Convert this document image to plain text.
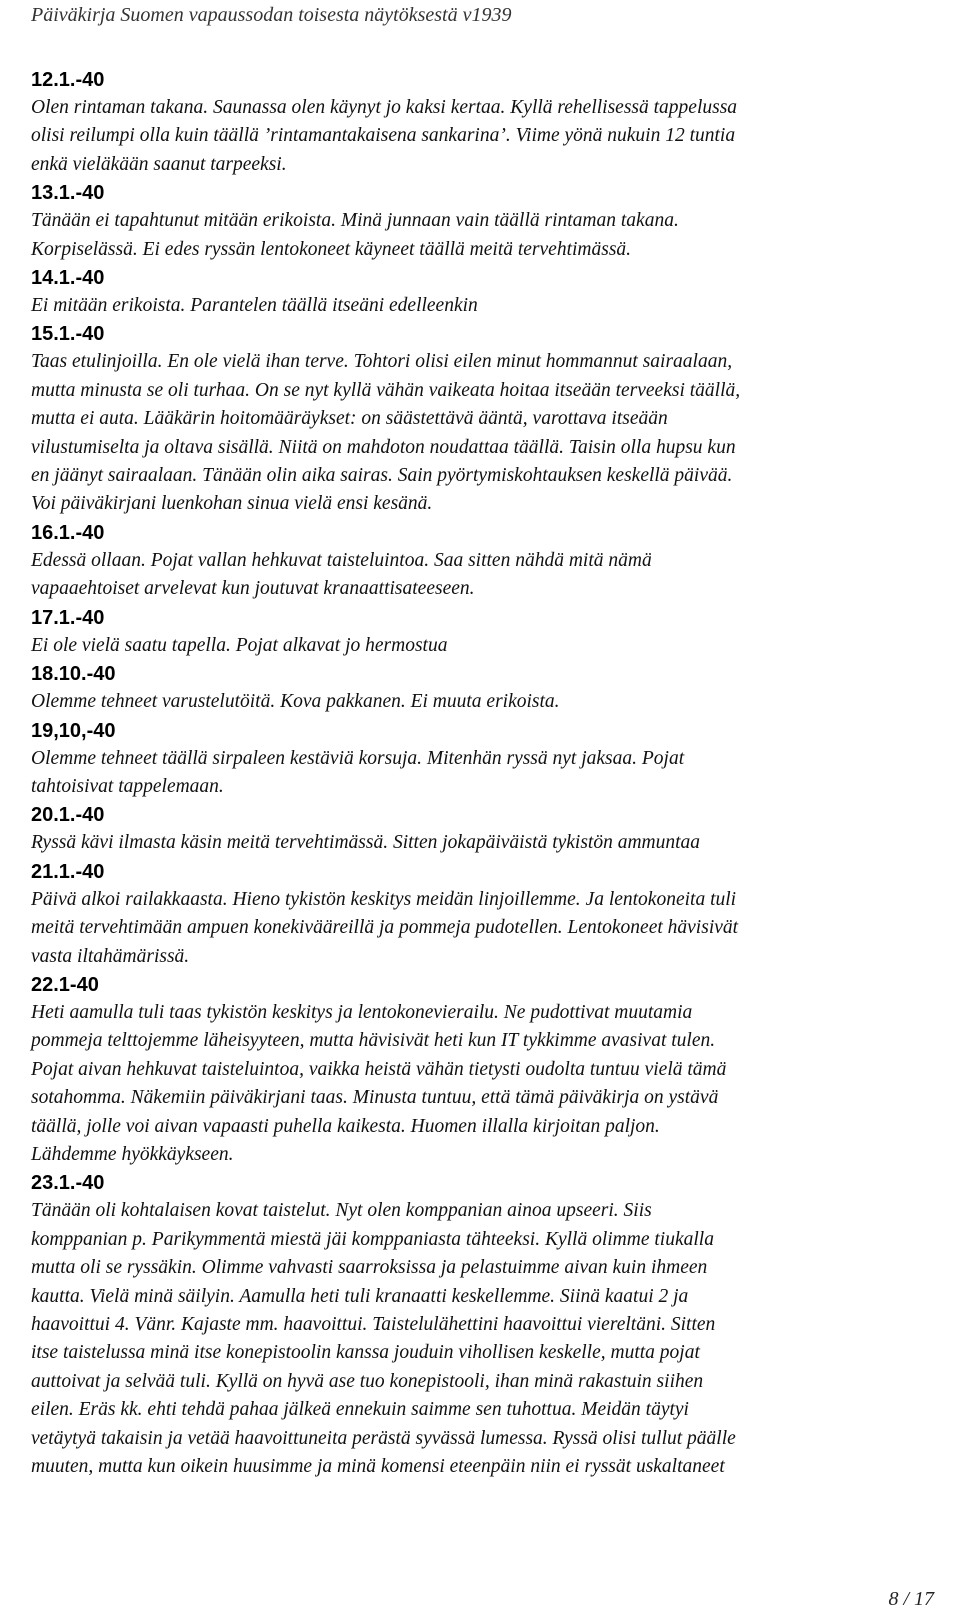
Päiväkirja Suomen vapaussodan toisesta näytöksestä v1939
12.1.-40
Olen rintaman takana. Saunassa olen käynyt jo kaksi kertaa. Kyllä rehellisessä tappelussa
olisi reilumpi olla kuin täällä ’rintamantakaisena sankarina’. Viime yönä nukuin 12 tuntia
enkä vieläkään saanut tarpeeksi.
13.1.-40
Tänään ei tapahtunut mitään erikoista. Minä junnaan vain täällä rintaman takana.
Korpiselässä. Ei edes ryssän lentokoneet käyneet täällä meitä tervehtimässä.
14.1.-40
Ei mitään erikoista. Parantelen täällä itseäni edelleenkin
15.1.-40
Taas etulinjoilla. En ole vielä ihan terve. Tohtori olisi eilen minut hommannut sairaalaan,
mutta minusta se oli turhaa. On se nyt kyllä vähän vaikeata hoitaa itseään terveeksi täällä,
mutta ei auta. Lääkärin hoitomääräykset: on säästettävä ääntä, varottava itseään
vilustumiselta ja oltava sisällä. Niitä on mahdoton noudattaa täällä. Taisin olla hupsu kun
en jäänyt sairaalaan. Tänään olin aika sairas. Sain pyörtymiskohtauksen keskellä päivää.
Voi päiväkirjani luenkohan sinua vielä ensi kesänä.
16.1.-40
Edessä ollaan. Pojat vallan hehkuvat taisteluintoa. Saa sitten nähdä mitä nämä
vapaaehtoiset arvelevat kun joutuvat kranaattisateeseen.
17.1.-40
Ei ole vielä saatu tapella. Pojat alkavat jo hermostua
18.10.-40
Olemme tehneet varustelutöitä. Kova pakkanen. Ei muuta erikoista.
19,10,-40
Olemme tehneet täällä sirpaleen kestäviä korsuja. Mitenhän ryssä nyt jaksaa. Pojat
tahtoisivat tappelemaan.
20.1.-40
Ryssä kävi ilmasta käsin meitä tervehtimässä. Sitten jokapäiväistä tykistön ammuntaa
21.1.-40
Päivä alkoi railakkaasta. Hieno tykistön keskitys meidän linjoillemme. Ja lentokoneita tuli
meitä tervehtimään ampuen konekivääreillä ja pommeja pudotellen. Lentokoneet hävisivät
vasta iltahämärissä.
22.1-40
Heti aamulla tuli taas tykistön keskitys ja lentokonevierailu. Ne pudottivat muutamia
pommeja telttojemme läheisyyteen, mutta hävisivät heti kun IT tykkimme avasivat tulen.
Pojat aivan hehkuvat taisteluintoa, vaikka heistä vähän tietysti oudolta tuntuu vielä tämä
sotahomma. Näkemiin päiväkirjani taas. Minusta tuntuu, että tämä päiväkirja on ystävä
täällä, jolle voi aivan vapaasti puhella kaikesta. Huomen illalla kirjoitan paljon.
Lähdemme hyökkäykseen.
23.1.-40
Tänään oli kohtalaisen kovat taistelut. Nyt olen komppanian ainoa upseeri. Siis
komppanian p. Parikymmentä miestä jäi komppaniasta tähteeksi. Kyllä olimme tiukalla
mutta oli se ryssäkin. Olimme vahvasti saarroksissa ja pelastuimme aivan kuin ihmeen
kautta. Vielä minä säilyin. Aamulla heti tuli kranaatti keskellemme. Siinä kaatui 2 ja
haavoittui 4. Vänr. Kajaste mm. haavoittui. Taistelulähettini haavoittui viereltäni. Sitten
itse taistelussa minä itse konepistoolin kanssa jouduin vihollisen keskelle, mutta pojat
auttoivat ja selvää tuli. Kyllä on hyvä ase tuo konepistooli, ihan minä rakastuin siihen
eilen. Eräs kk. ehti tehdä pahaa jälkeä ennekuin saimme sen tuhottua. Meidän täytyi
vetäytyä takaisin ja vetää haavoittuneita perästä syvässä lumessa. Ryssä olisi tullut päälle
muuten, mutta kun oikein huusimme ja minä komensi eteenpäin niin ei ryssät uskaltaneet
8 / 17
